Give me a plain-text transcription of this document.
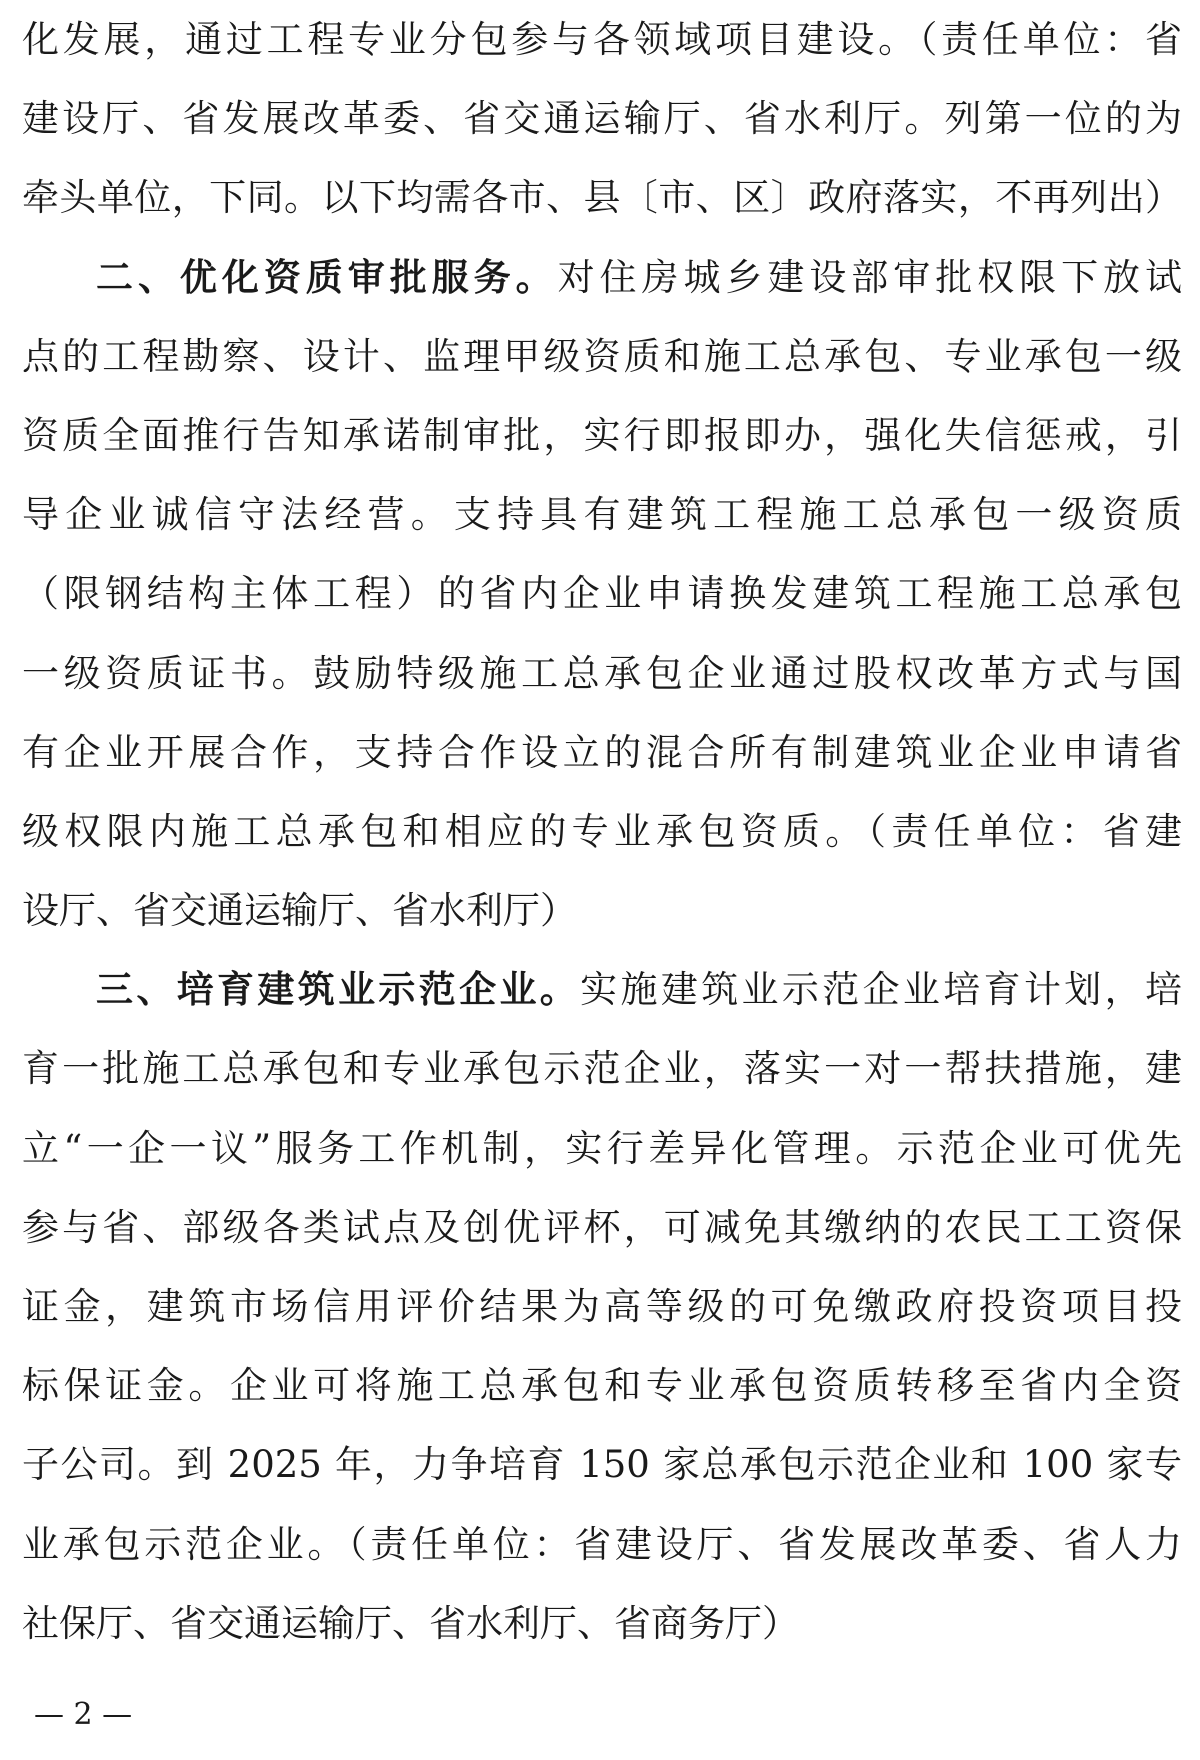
化发展，通过工程专业分包参与各领域项目建设。（责任单位：省
建设厅、省发展改革委、省交通运输厅、省水利厅。列第一位的为
牵头单位，下同。以下均需各市、县〔市、区〕政府落实，不再列出）
二、优化资质审批服务。对住房城乡建设部审批权限下放试
点的工程勘察、设计、监理甲级资质和施工总承包、专业承包一级
资质全面推行告知承诺制审批，实行即报即办，强化失信惩戒，引
导企业诚信守法经营。支持具有建筑工程施工总承包一级资质
（限钢结构主体工程）的省内企业申请换发建筑工程施工总承包
一级资质证书。鼓励特级施工总承包企业通过股权改革方式与国
有企业开展合作，支持合作设立的混合所有制建筑业企业申请省
级权限内施工总承包和相应的专业承包资质。（责任单位：省建
设厅、省交通运输厅、省水利厅）
三、培育建筑业示范企业。实施建筑业示范企业培育计划，培
育一批施工总承包和专业承包示范企业，落实一对一帮扶措施，建
立“一企一议”服务工作机制，实行差异化管理。示范企业可优先
参与省、部级各类试点及创优评杯，可减免其缴纳的农民工工资保
证金，建筑市场信用评价结果为高等级的可免缴政府投资项目投
标保证金。企业可将施工总承包和专业承包资质转移至省内全资
子公司。到 2025 年，力争培育 150 家总承包示范企业和 100 家专
业承包示范企业。（责任单位：省建设厅、省发展改革委、省人力
社保厅、省交通运输厅、省水利厅、省商务厅）
— 2 —
